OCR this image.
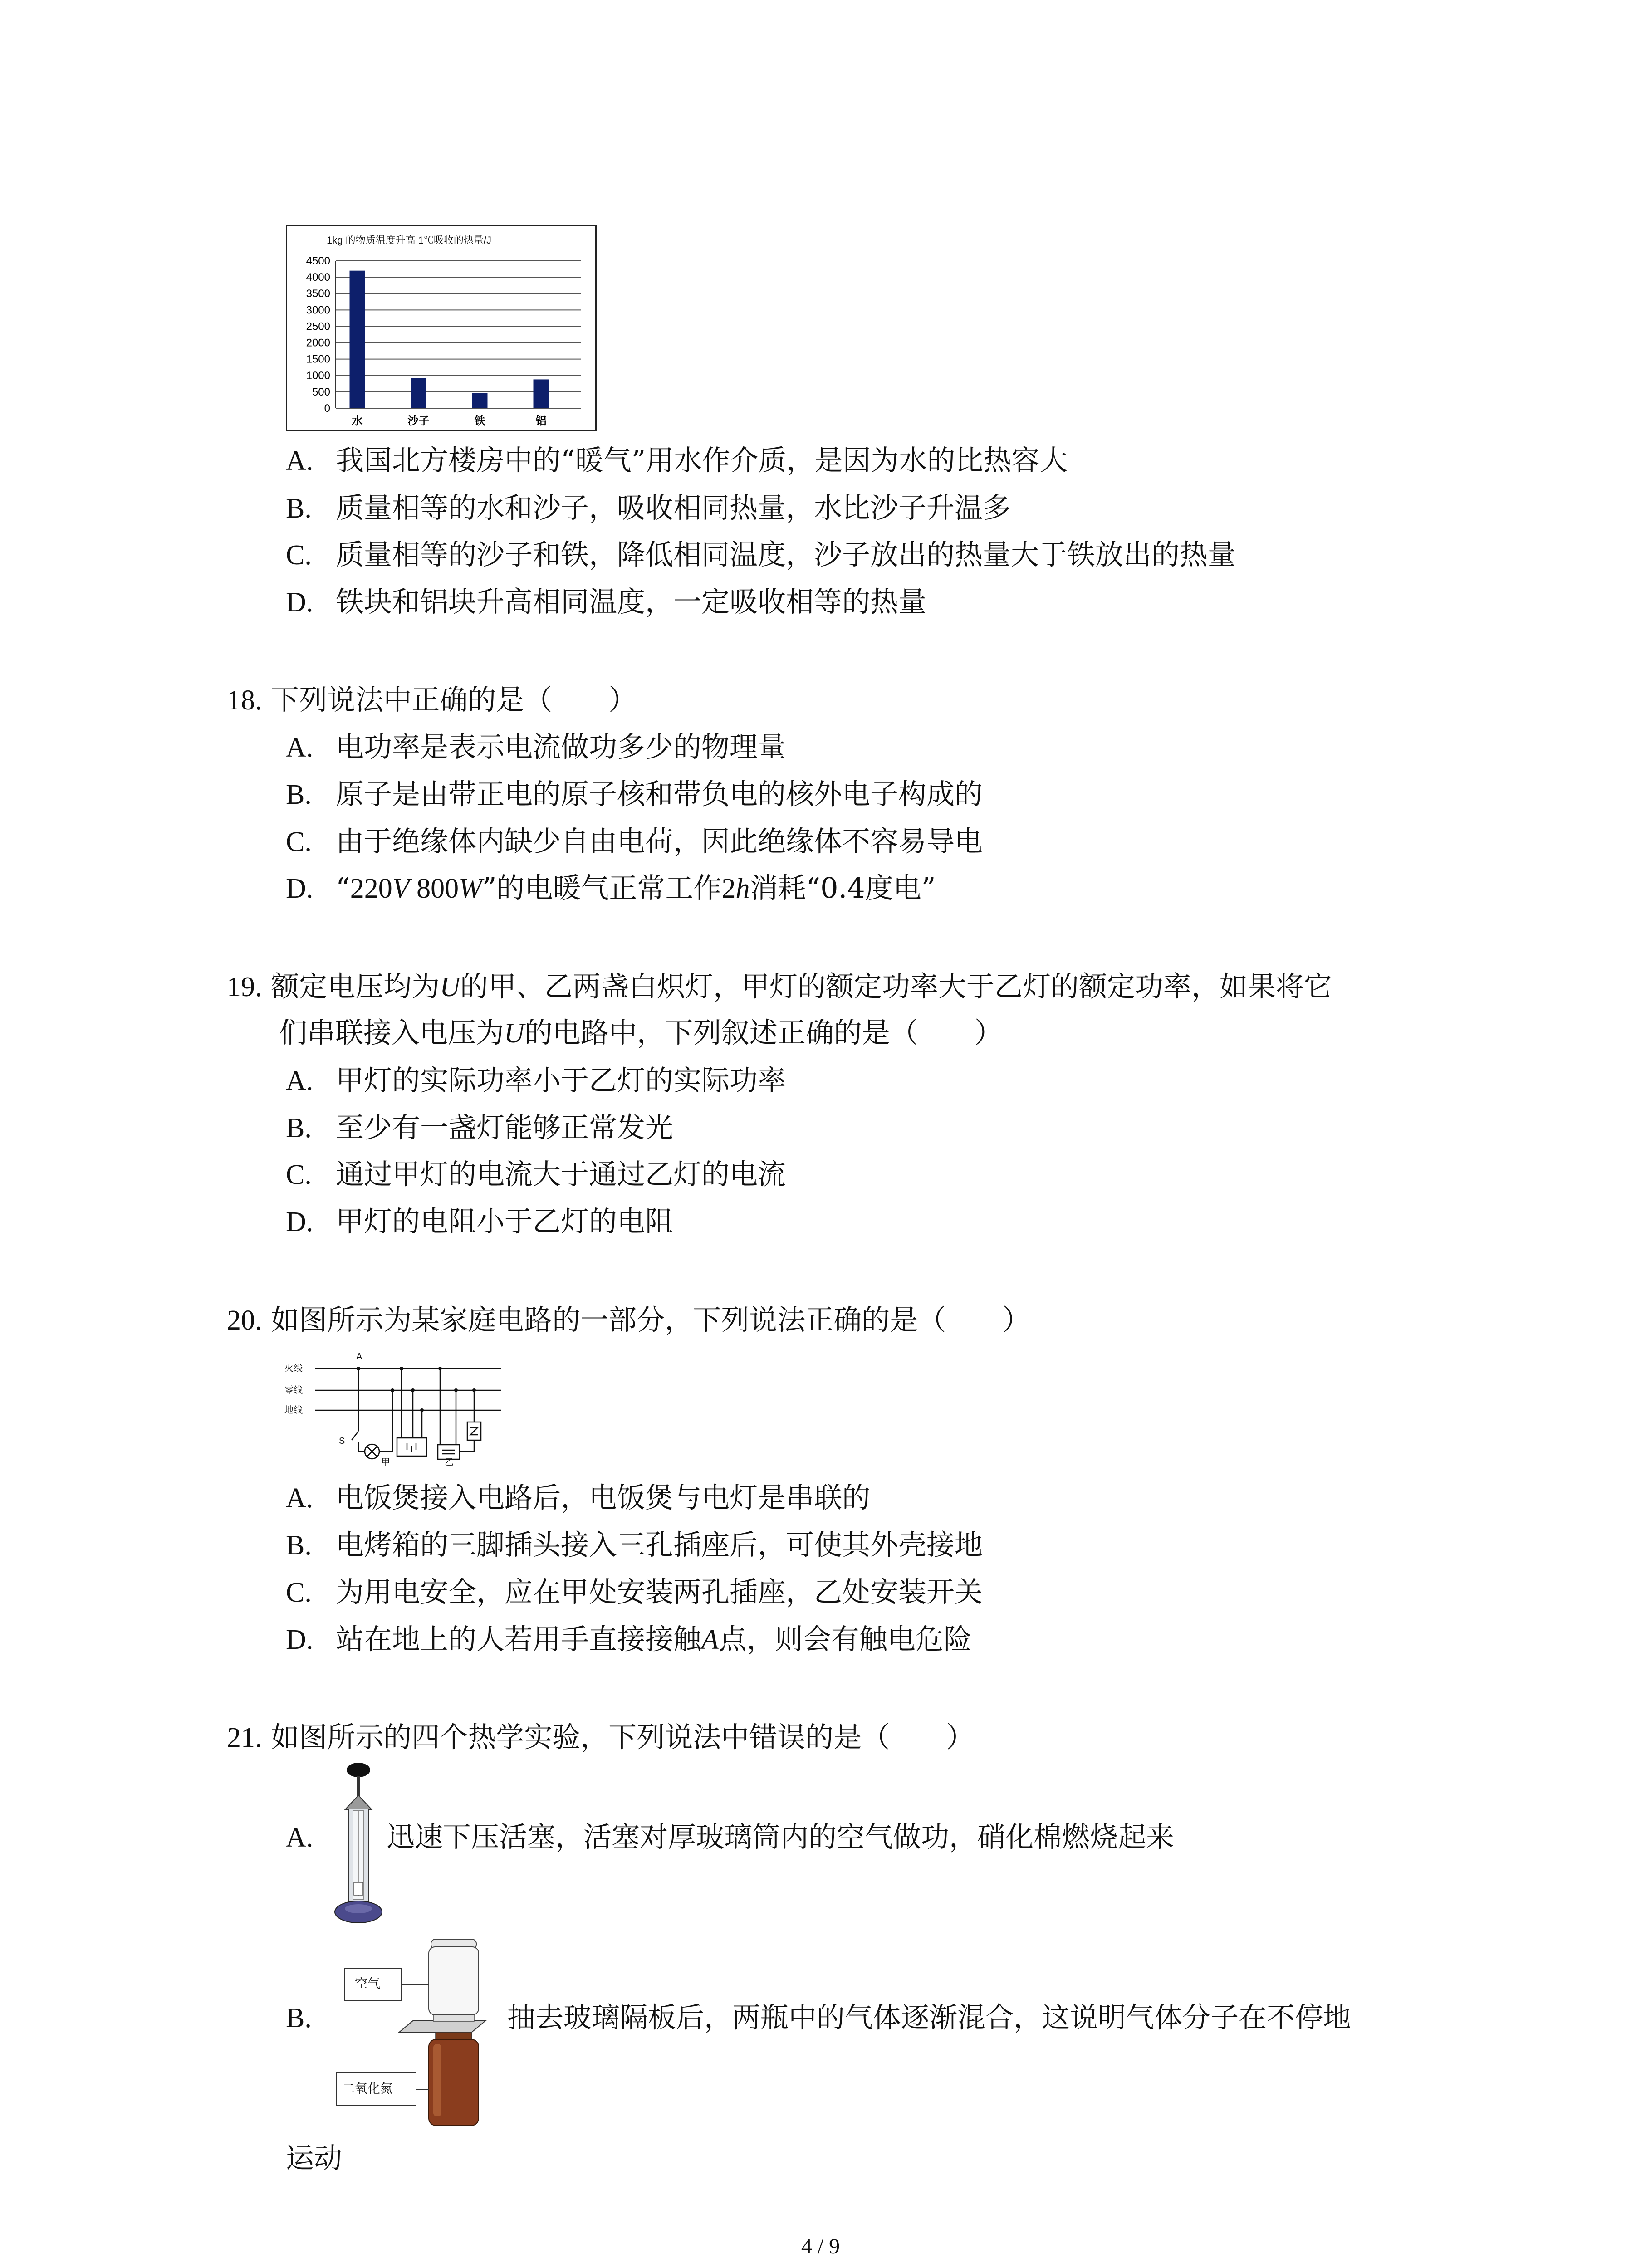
1kg 的物质温度升高 1℃吸收的热量/J
4500
4000
3500
3000
2500
2000
1500
1000
500
0
水	沙子	铁	铝
A. 我国北方楼房中的“暖气”用水作介质，是因为水的比热容大
B. 质量相等的水和沙子，吸收相同热量，水比沙子升温多
C. 质量相等的沙子和铁，降低相同温度，沙子放出的热量大于铁放出的热量
D. 铁块和铝块升高相同温度，一定吸收相等的热量
18. 下列说法中正确的是（　　）
A. 电功率是表示电流做功多少的物理量
B. 原子是由带正电的原子核和带负电的核外电子构成的
C. 由于绝缘体内缺少自由电荷，因此绝缘体不容易导电
D. “220V 800W”的电暖气正常工作2h消耗“0.4度电”
19. 额定电压均为U的甲、乙两盏白炽灯，甲灯的额定功率大于乙灯的额定功率，如果将它
们串联接入电压为U的电路中，下列叙述正确的是（　　）
A. 甲灯的实际功率小于乙灯的实际功率
B. 至少有一盏灯能够正常发光
C. 通过甲灯的电流大于通过乙灯的电流
D. 甲灯的电阻小于乙灯的电阻
20. 如图所示为某家庭电路的一部分，下列说法正确的是（　　）
火线
零线
地线
A
S
甲	乙
A. 电饭煲接入电路后，电饭煲与电灯是串联的
B. 电烤箱的三脚插头接入三孔插座后，可使其外壳接地
C. 为用电安全，应在甲处安装两孔插座，乙处安装开关
D. 站在地上的人若用手直接接触A点，则会有触电危险
21. 如图所示的四个热学实验，下列说法中错误的是（　　）
A.	迅速下压活塞，活塞对厚玻璃筒内的空气做功，硝化棉燃烧起来
空气
二氧化氮
B.	抽去玻璃隔板后，两瓶中的气体逐渐混合，这说明气体分子在不停地
运动
4 / 9
